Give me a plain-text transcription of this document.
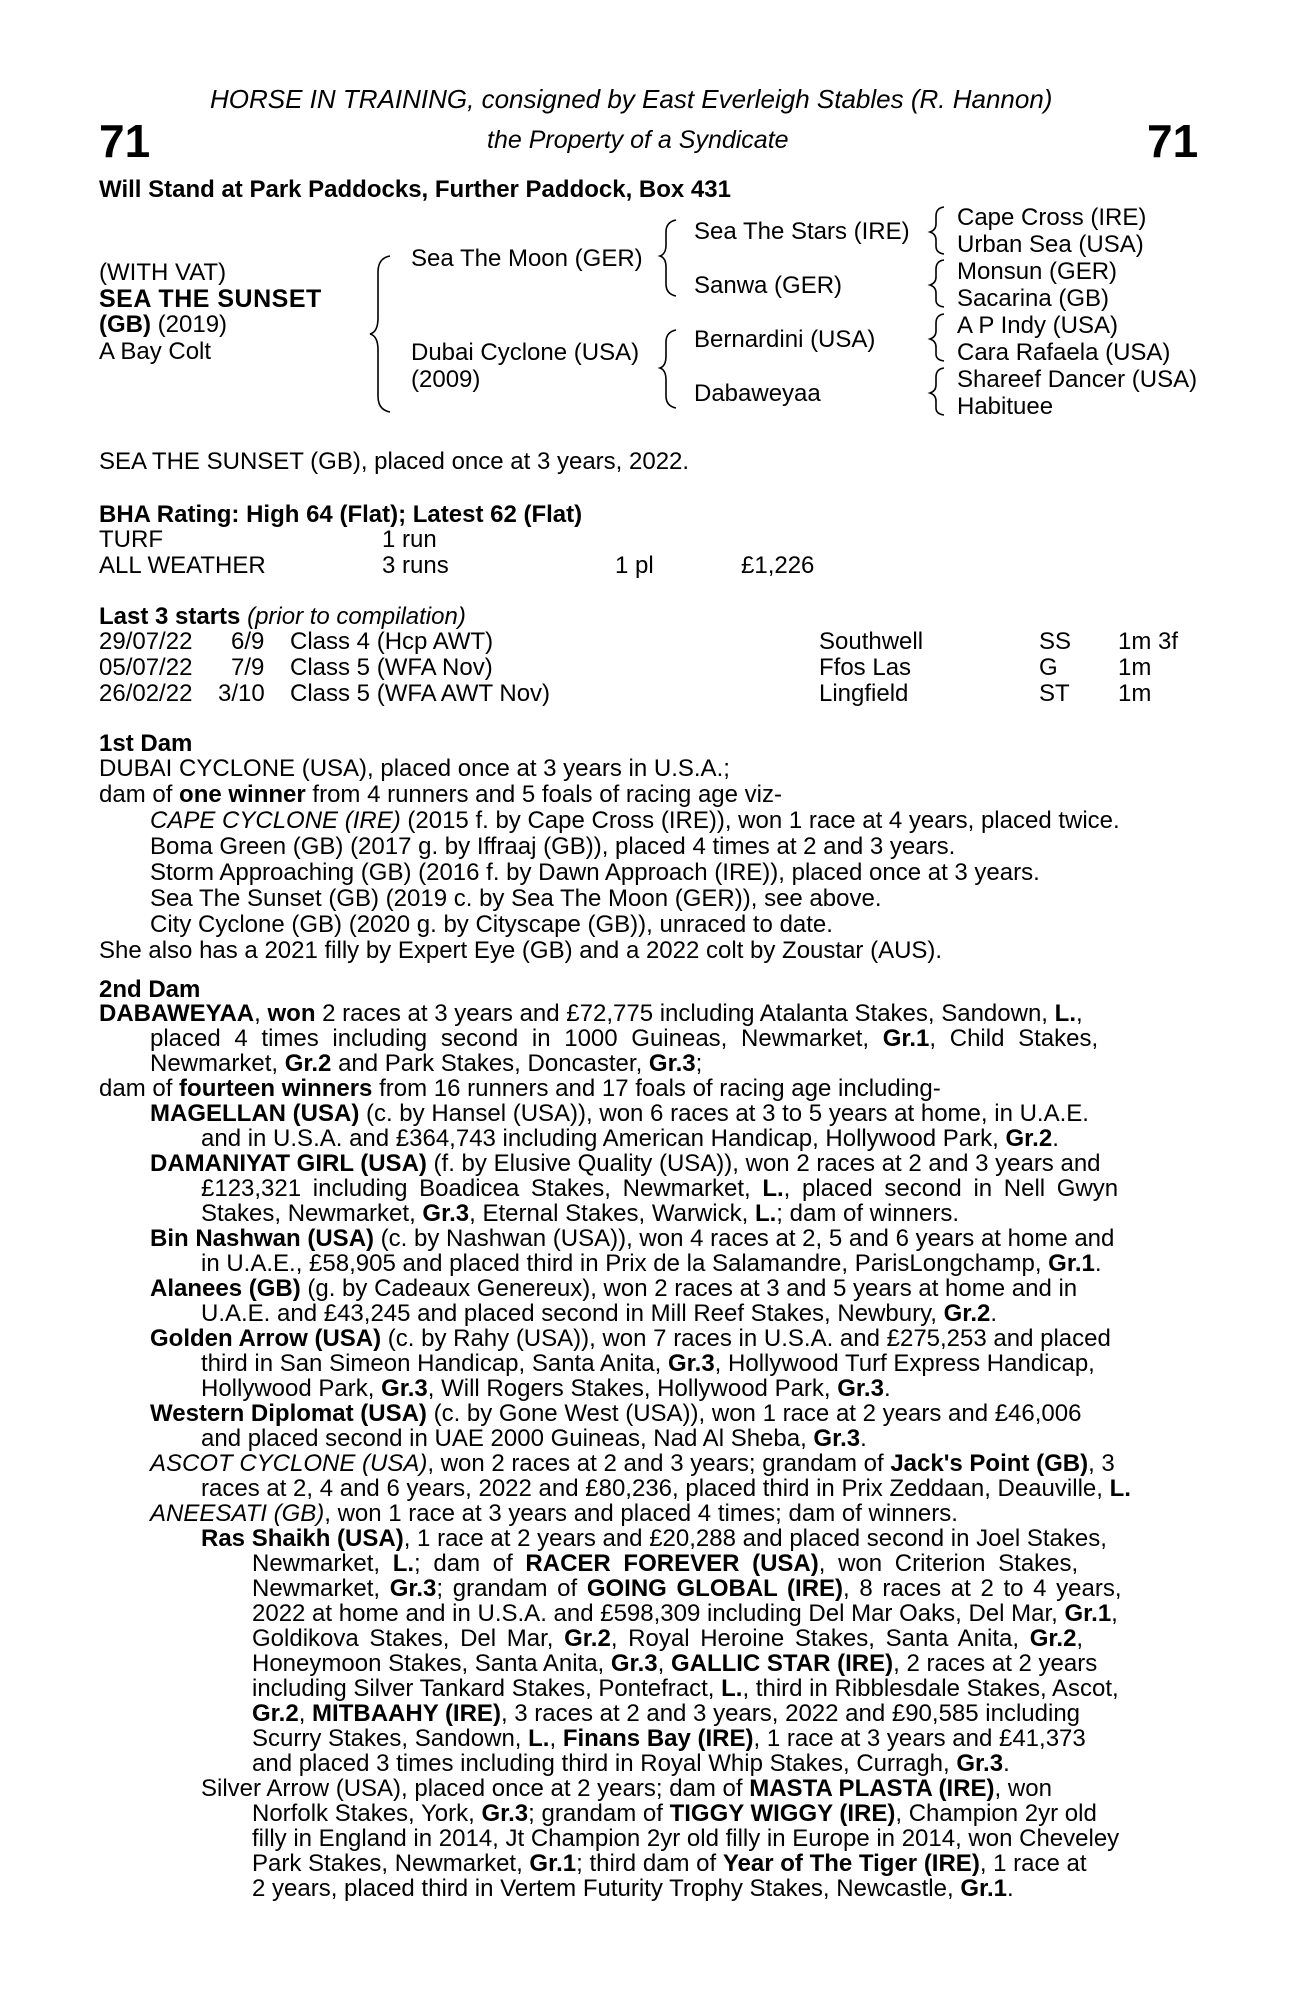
HORSE IN TRAINING, consigned by East Everleigh Stables (R. Hannon)
71	the Property of a Syndicate	71
Will Stand at Park Paddocks, Further Paddock, Box 431
(WITH VAT)
SEA THE SUNSET
(GB) (2019)
A Bay Colt
Sea The Moon (GER)
Dubai Cyclone (USA)
(2009)
Sea The Stars (IRE)
Sanwa (GER)
Bernardini (USA)
Dabaweyaa
Cape Cross (IRE)
Urban Sea (USA)
Monsun (GER)
Sacarina (GB)
A P Indy (USA)
Cara Rafaela (USA)
Shareef Dancer (USA)
Habituee
SEA THE SUNSET (GB), placed once at 3 years, 2022.
BHA Rating: High 64 (Flat); Latest 62 (Flat)
TURF	1 run
ALL WEATHER	3 runs	1 pl	£1,226
Last 3 starts (prior to compilation)
29/07/22 6/9 Class 4 (Hcp AWT)	Southwell	SS 1m 3f
05/07/22 7/9 Class 5 (WFA Nov)	Ffos Las	G	1m
26/02/22 3/10 Class 5 (WFA AWT Nov)	Lingfield	ST 1m
1st Dam
DUBAI CYCLONE (USA), placed once at 3 years in U.S.A.;
dam of one winner from 4 runners and 5 foals of racing age viz-
CAPE CYCLONE (IRE) (2015 f. by Cape Cross (IRE)), won 1 race at 4 years, placed twice.
Boma Green (GB) (2017 g. by Iffraaj (GB)), placed 4 times at 2 and 3 years.
Storm Approaching (GB) (2016 f. by Dawn Approach (IRE)), placed once at 3 years.
Sea The Sunset (GB) (2019 c. by Sea The Moon (GER)), see above.
City Cyclone (GB) (2020 g. by Cityscape (GB)), unraced to date.
She also has a 2021 filly by Expert Eye (GB) and a 2022 colt by Zoustar (AUS).
2nd Dam
DABAWEYAA, won 2 races at 3 years and £72,775 including Atalanta Stakes, Sandown, L.,
placed 4 times including second in 1000 Guineas, Newmarket, Gr.1, Child Stakes,
Newmarket, Gr.2 and Park Stakes, Doncaster, Gr.3;
dam of fourteen winners from 16 runners and 17 foals of racing age including-
MAGELLAN (USA) (c. by Hansel (USA)), won 6 races at 3 to 5 years at home, in U.A.E.
and in U.S.A. and £364,743 including American Handicap, Hollywood Park, Gr.2.
DAMANIYAT GIRL (USA) (f. by Elusive Quality (USA)), won 2 races at 2 and 3 years and
£123,321 including Boadicea Stakes, Newmarket, L., placed second in Nell Gwyn
Stakes, Newmarket, Gr.3, Eternal Stakes, Warwick, L.; dam of winners.
Bin Nashwan (USA) (c. by Nashwan (USA)), won 4 races at 2, 5 and 6 years at home and
in U.A.E., £58,905 and placed third in Prix de la Salamandre, ParisLongchamp, Gr.1.
Alanees (GB) (g. by Cadeaux Genereux), won 2 races at 3 and 5 years at home and in
U.A.E. and £43,245 and placed second in Mill Reef Stakes, Newbury, Gr.2.
Golden Arrow (USA) (c. by Rahy (USA)), won 7 races in U.S.A. and £275,253 and placed
third in San Simeon Handicap, Santa Anita, Gr.3, Hollywood Turf Express Handicap,
Hollywood Park, Gr.3, Will Rogers Stakes, Hollywood Park, Gr.3.
Western Diplomat (USA) (c. by Gone West (USA)), won 1 race at 2 years and £46,006
and placed second in UAE 2000 Guineas, Nad Al Sheba, Gr.3.
ASCOT CYCLONE (USA), won 2 races at 2 and 3 years; grandam of Jack's Point (GB), 3
races at 2, 4 and 6 years, 2022 and £80,236, placed third in Prix Zeddaan, Deauville, L.
ANEESATI (GB), won 1 race at 3 years and placed 4 times; dam of winners.
Ras Shaikh (USA), 1 race at 2 years and £20,288 and placed second in Joel Stakes,
Newmarket, L.; dam of RACER FOREVER (USA), won Criterion Stakes,
Newmarket, Gr.3; grandam of GOING GLOBAL (IRE), 8 races at 2 to 4 years,
2022 at home and in U.S.A. and £598,309 including Del Mar Oaks, Del Mar, Gr.1,
Goldikova Stakes, Del Mar, Gr.2, Royal Heroine Stakes, Santa Anita, Gr.2,
Honeymoon Stakes, Santa Anita, Gr.3, GALLIC STAR (IRE), 2 races at 2 years
including Silver Tankard Stakes, Pontefract, L., third in Ribblesdale Stakes, Ascot,
Gr.2, MITBAAHY (IRE), 3 races at 2 and 3 years, 2022 and £90,585 including
Scurry Stakes, Sandown, L., Finans Bay (IRE), 1 race at 3 years and £41,373
and placed 3 times including third in Royal Whip Stakes, Curragh, Gr.3.
Silver Arrow (USA), placed once at 2 years; dam of MASTA PLASTA (IRE), won
Norfolk Stakes, York, Gr.3; grandam of TIGGY WIGGY (IRE), Champion 2yr old
filly in England in 2014, Jt Champion 2yr old filly in Europe in 2014, won Cheveley
Park Stakes, Newmarket, Gr.1; third dam of Year of The Tiger (IRE), 1 race at
2 years, placed third in Vertem Futurity Trophy Stakes, Newcastle, Gr.1.
